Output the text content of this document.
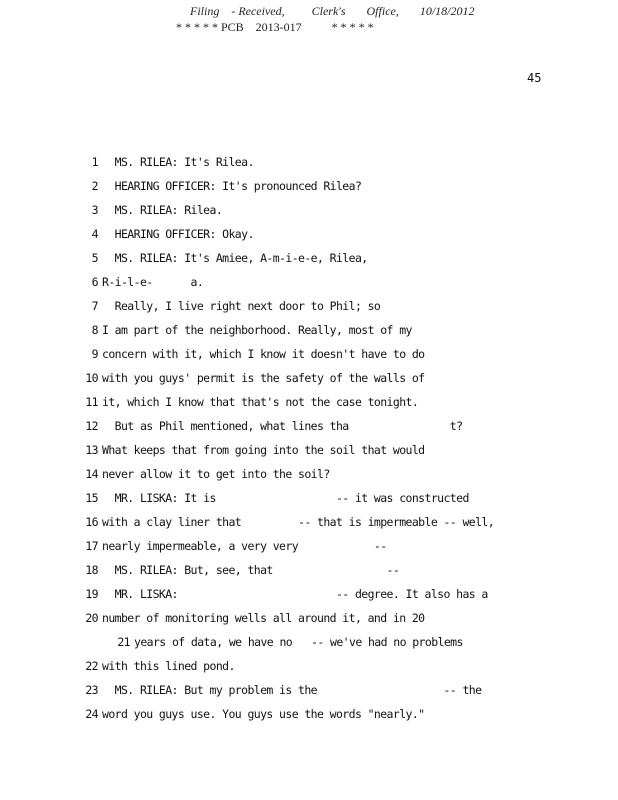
Filing    - Received,         Clerk's       Office,       10/18/2012
* * * * * PCB    2013-017          * * * * *
45
1  MS. RILEA: It's Rilea.
2  HEARING OFFICER: It's pronounced Rilea?
3  MS. RILEA: Rilea.
4  HEARING OFFICER: Okay.
5  MS. RILEA: It's Amiee, A-m-i-e-e, Rilea,
6 R-i-l-e-      a.
7  Really, I live right next door to Phil; so
8 I am part of the neighborhood. Really, most of my
9 concern with it, which I know it doesn't have to do
10 with you guys' permit is the safety of the walls of
11 it, which I know that that's not the case tonight.
12  But as Phil mentioned, what lines tha                t?
13 What keeps that from going into the soil that would
14 never allow it to get into the soil?
15  MR. LISKA: It is                   -- it was constructed
16 with a clay liner that         -- that is impermeable -- well,
17 nearly impermeable, a very very            --
18  MS. RILEA: But, see, that                  --
19  MR. LISKA:                         -- degree. It also has a
20 number of monitoring wells all around it, and in 20
21 years of data, we have no   -- we've had no problems
22 with this lined pond.
23  MS. RILEA: But my problem is the                    -- the
24 word you guys use. You guys use the words "nearly."
